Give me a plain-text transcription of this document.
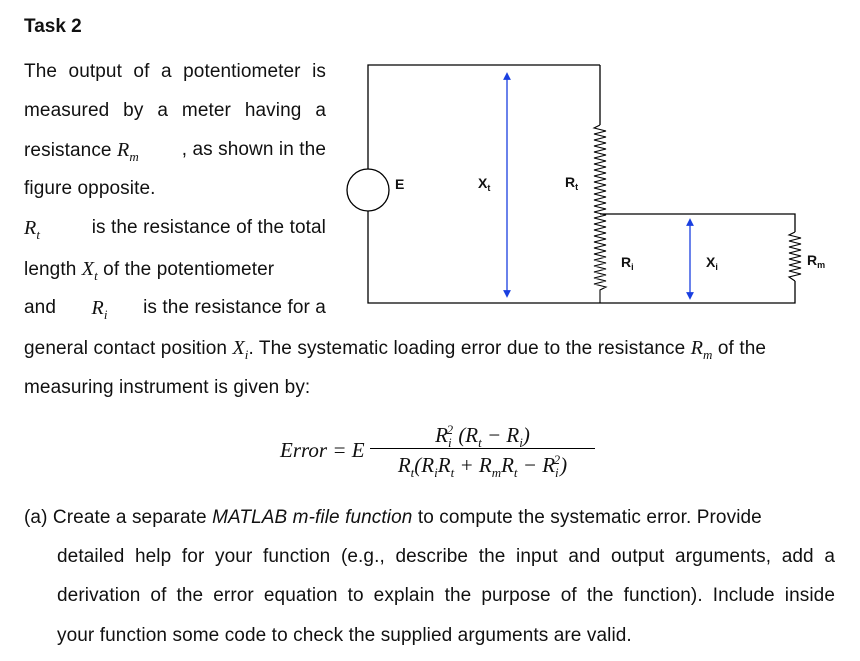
Task 2
The output of a potentiometer is
measured by a meter having a
resistance $R_m$ , as shown in the
figure opposite.
$R_t$	is the resistance of the total
length $X_t$ of the potentiometer
and $R_i$ is the resistance for a
general contact position $X_i$. The systematic loading error due to the resistance $R_m$ of the
measuring instrument is given by:
Error = E
$R_i^2$ $(R_t - R_i)$
$R_t(R_iR_t + R_mR_t - R_i^2)$
(a) Create a separate MATLAB m-file function to compute the systematic error. Provide
detailed help for your function (e.g., describe the input and output arguments, add a
derivation of the error equation to explain the purpose of the function). Include inside
your function some code to check the supplied arguments are valid.
E	$X_t$	$R_t$
$R_i$	$X_i$	$R_m$
